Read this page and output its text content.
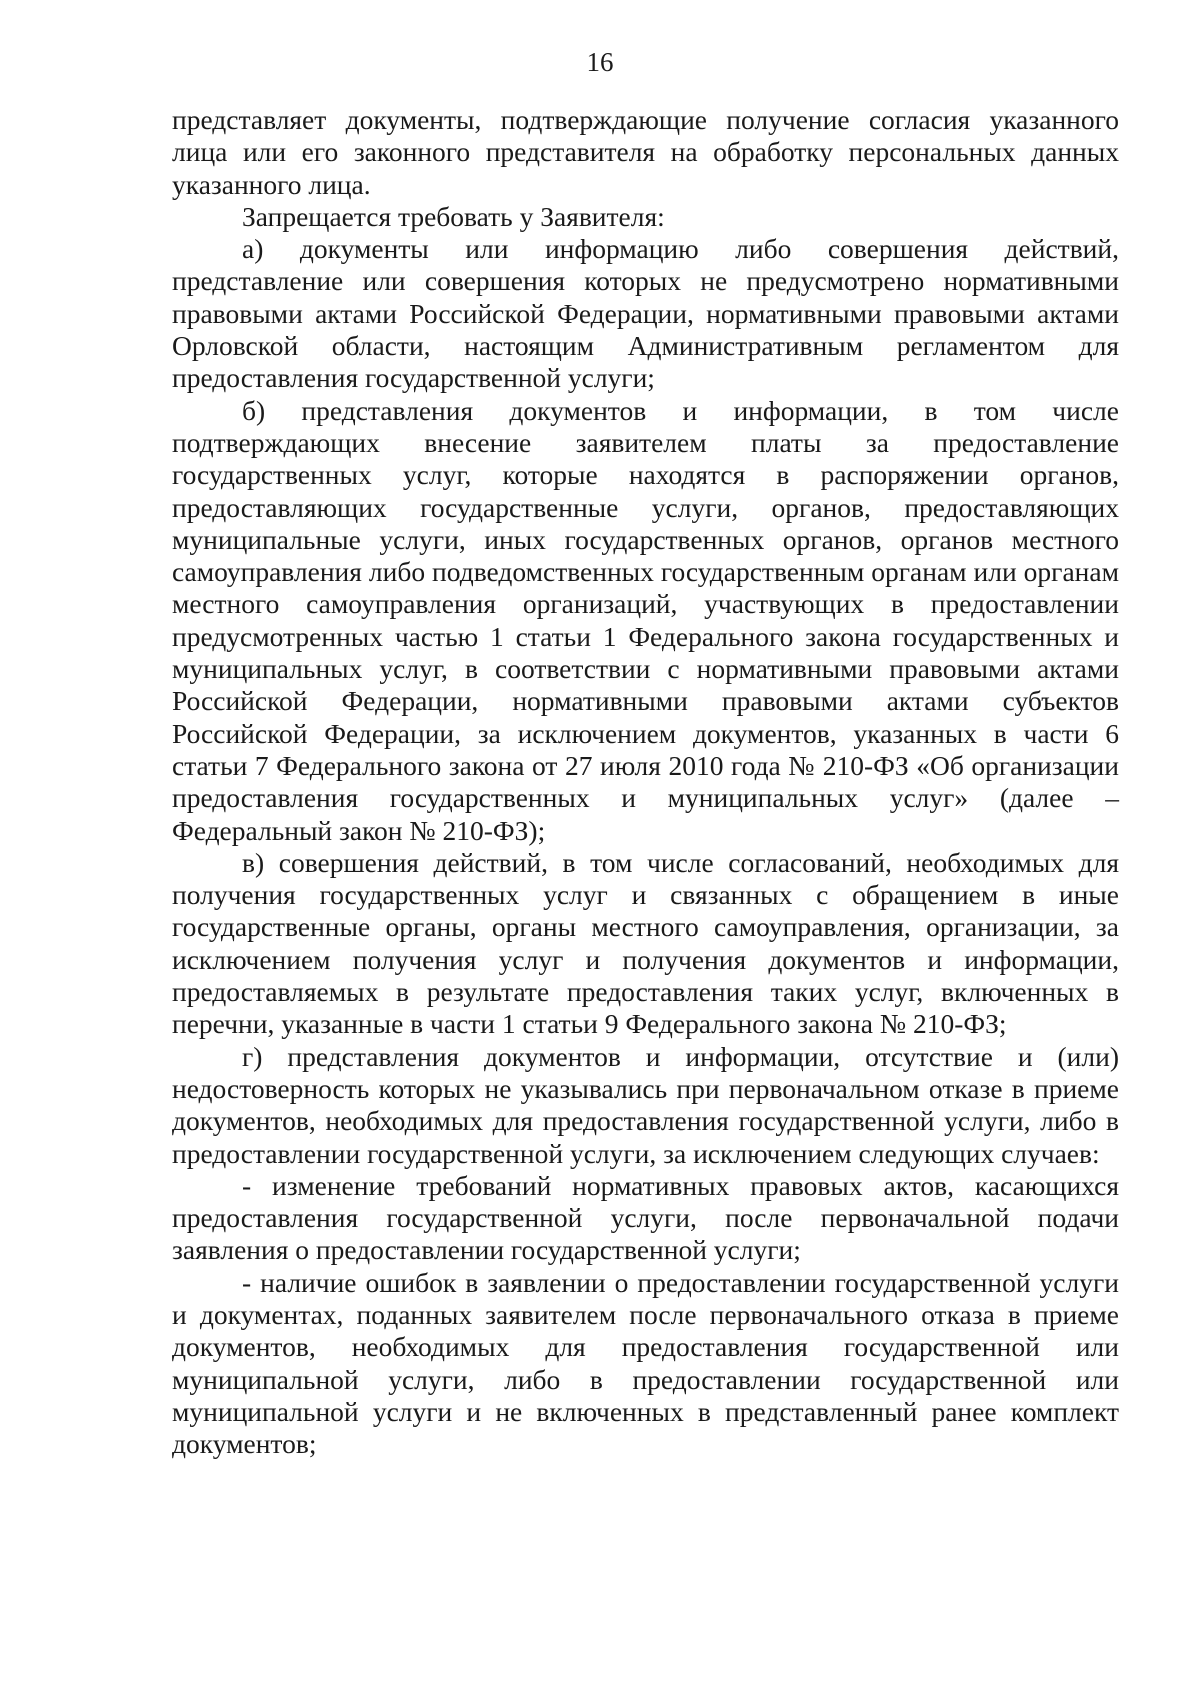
16

представляет документы, подтверждающие получение согласия указанного лица или его законного представителя на обработку персональных данных указанного лица.

Запрещается требовать у Заявителя:

а) документы или информацию либо совершения действий, представление или совершения которых не предусмотрено нормативными правовыми актами Российской Федерации, нормативными правовыми актами Орловской области, настоящим Административным регламентом для предоставления государственной услуги;

б) представления документов и информации, в том числе подтверждающих внесение заявителем платы за предоставление государственных услуг, которые находятся в распоряжении органов, предоставляющих государственные услуги, органов, предоставляющих муниципальные услуги, иных государственных органов, органов местного самоуправления либо подведомственных государственным органам или органам местного самоуправления организаций, участвующих в предоставлении предусмотренных частью 1 статьи 1 Федерального закона государственных и муниципальных услуг, в соответствии с нормативными правовыми актами Российской Федерации, нормативными правовыми актами субъектов Российской Федерации, за исключением документов, указанных в части 6 статьи 7 Федерального закона от 27 июля 2010 года № 210-ФЗ «Об организации предоставления государственных и муниципальных услуг» (далее – Федеральный закон № 210-ФЗ);

в) совершения действий, в том числе согласований, необходимых для получения государственных услуг и связанных с обращением в иные государственные органы, органы местного самоуправления, организации, за исключением получения услуг и получения документов и информации, предоставляемых в результате предоставления таких услуг, включенных в перечни, указанные в части 1 статьи 9 Федерального закона № 210-ФЗ;

г) представления документов и информации, отсутствие и (или) недостоверность которых не указывались при первоначальном отказе в приеме документов, необходимых для предоставления государственной услуги, либо в предоставлении государственной услуги, за исключением следующих случаев:

- изменение требований нормативных правовых актов, касающихся предоставления государственной услуги, после первоначальной подачи заявления о предоставлении государственной услуги;

- наличие ошибок в заявлении о предоставлении государственной услуги и документах, поданных заявителем после первоначального отказа в приеме документов, необходимых для предоставления государственной или муниципальной услуги, либо в предоставлении государственной или муниципальной услуги и не включенных в представленный ранее комплект документов;
